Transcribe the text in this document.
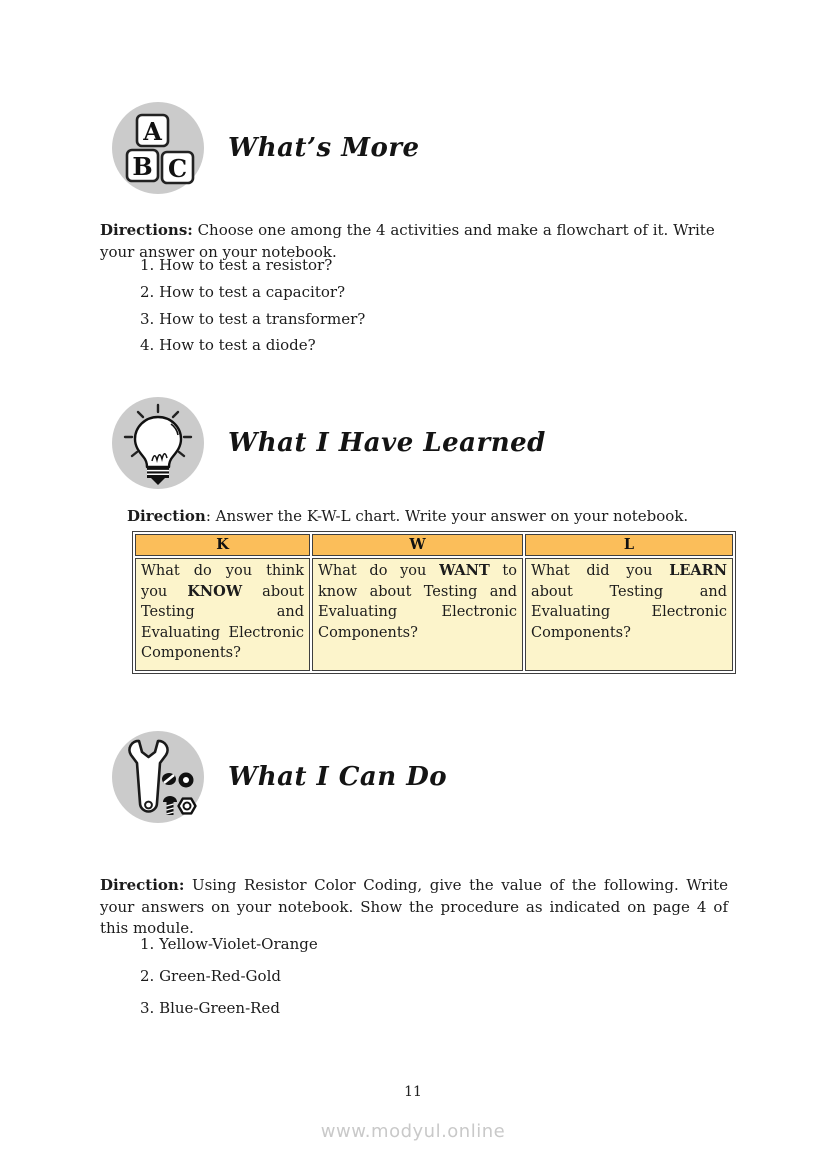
A
B C
What’s More

Directions: Choose one among the 4 activities and make a flowchart of it. Write your answer on your notebook.

1. How to test a resistor?
2. How to test a capacitor?
3. How to test a transformer?
4. How to test a diode?
What I Have Learned

Direction: Answer the K-W-L chart. Write your answer on your notebook.

K	W	L
What do you think you KNOW about Testing and Evaluating Electronic Components?	What do you WANT to know about Testing and Evaluating Electronic Components?	What did you LEARN about Testing and Evaluating Electronic Components?
What I Can Do

Direction: Using Resistor Color Coding, give the value of the following. Write your answers on your notebook. Show the procedure as indicated on page 4 of this module.

1. Yellow-Violet-Orange
2. Green-Red-Gold
3. Blue-Green-Red
11
www.modyul.online
